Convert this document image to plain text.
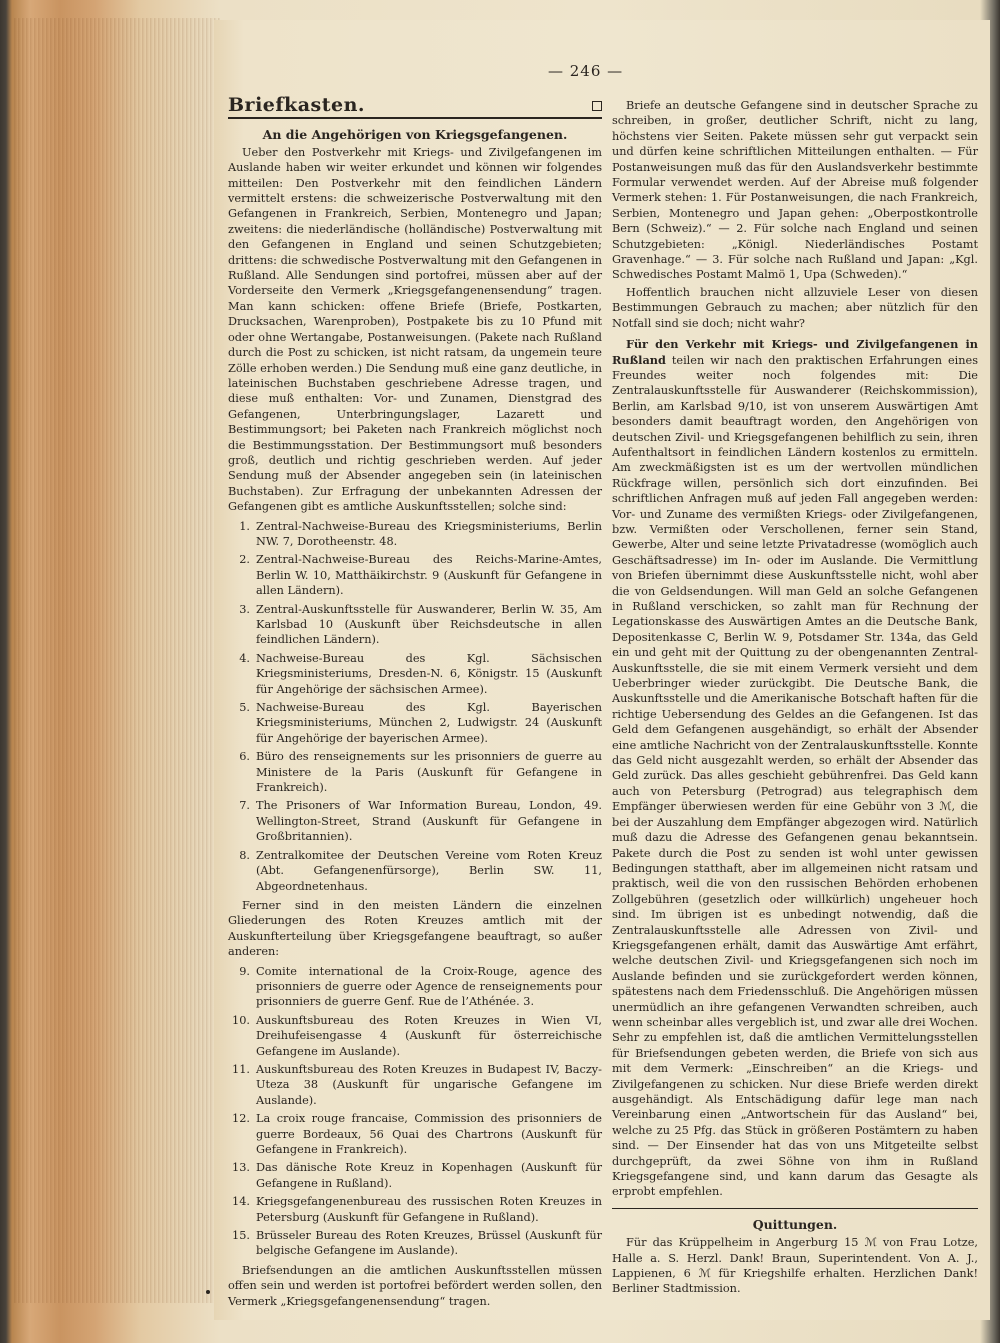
— 246 —
Briefkasten.
An die Angehörigen von Kriegsgefangenen.

Ueber den Postverkehr mit Kriegs- und Zivilgefangenen im Auslande haben wir weiter erkundet und können wir folgendes mitteilen: Den Postverkehr mit den feindlichen Ländern vermittelt erstens: die schweizerische Postverwaltung mit den Gefangenen in Frankreich, Serbien, Montenegro und Japan; zweitens: die niederländische (holländische) Postverwaltung mit den Gefangenen in England und seinen Schutzgebieten; drittens: die schwedische Postverwaltung mit den Gefangenen in Rußland. Alle Sendungen sind portofrei, müssen aber auf der Vorderseite den Vermerk „Kriegsgefangenensendung“ tragen. Man kann schicken: offene Briefe (Briefe, Postkarten, Drucksachen, Warenproben), Postpakete bis zu 10 Pfund mit oder ohne Wertangabe, Postanweisungen. (Pakete nach Rußland durch die Post zu schicken, ist nicht ratsam, da ungemein teure Zölle erhoben werden.) Die Sendung muß eine ganz deutliche, in lateinischen Buchstaben geschriebene Adresse tragen, und diese muß enthalten: Vor- und Zunamen, Dienstgrad des Gefangenen, Unterbringungslager, Lazarett und Bestimmungsort; bei Paketen nach Frankreich möglichst noch die Bestimmungsstation. Der Bestimmungsort muß besonders groß, deutlich und richtig geschrieben werden. Auf jeder Sendung muß der Absender angegeben sein (in lateinischen Buchstaben). Zur Erfragung der unbekannten Adressen der Gefangenen gibt es amtliche Auskunftsstellen; solche sind:

1. Zentral-Nachweise-Bureau des Kriegsministeriums, Berlin NW. 7, Dorotheenstr. 48.
2. Zentral-Nachweise-Bureau des Reichs-Marine-Amtes, Berlin W. 10, Matthäikirchstr. 9 (Auskunft für Gefangene in allen Ländern).
3. Zentral-Auskunftsstelle für Auswanderer, Berlin W. 35, Am Karlsbad 10 (Auskunft über Reichsdeutsche in allen feindlichen Ländern).
4. Nachweise-Bureau des Kgl. Sächsischen Kriegsministeriums, Dresden-N. 6, Königstr. 15 (Auskunft für Angehörige der sächsischen Armee).
5. Nachweise-Bureau des Kgl. Bayerischen Kriegsministeriums, München 2, Ludwigstr. 24 (Auskunft für Angehörige der bayerischen Armee).
6. Büro des renseignements sur les prisonniers de guerre au Ministere de la Paris (Auskunft für Gefangene in Frankreich).
7. The Prisoners of War Information Bureau, London, 49. Wellington-Street, Strand (Auskunft für Gefangene in Großbritannien).
8. Zentralkomitee der Deutschen Vereine vom Roten Kreuz (Abt. Gefangenenfürsorge), Berlin SW. 11, Abgeordnetenhaus.

Ferner sind in den meisten Ländern die einzelnen Gliederungen des Roten Kreuzes amtlich mit der Auskunfterteilung über Kriegsgefangene beauftragt, so außer anderen:

9. Comite international de la Croix-Rouge, agence des prisonniers de guerre oder Agence de renseignements pour prisonniers de guerre Genf. Rue de l’Athénée. 3.
10. Auskunftsbureau des Roten Kreuzes in Wien VI, Dreihufeisengasse 4 (Auskunft für österreichische Gefangene im Auslande).
11. Auskunftsbureau des Roten Kreuzes in Budapest IV, Baczy-Uteza 38 (Auskunft für ungarische Gefangene im Auslande).
12. La croix rouge francaise, Commission des prisonniers de guerre Bordeaux, 56 Quai des Chartrons (Auskunft für Gefangene in Frankreich).
13. Das dänische Rote Kreuz in Kopenhagen (Auskunft für Gefangene in Rußland).
14. Kriegsgefangenenbureau des russischen Roten Kreuzes in Petersburg (Auskunft für Gefangene in Rußland).
15. Brüsseler Bureau des Roten Kreuzes, Brüssel (Auskunft für belgische Gefangene im Auslande).

Briefsendungen an die amtlichen Auskunftsstellen müssen offen sein und werden ist portofrei befördert werden sollen, den Vermerk „Kriegsgefangenensendung“ tragen.

Briefe an deutsche Gefangene sind in deutscher Sprache zu schreiben, in großer, deutlicher Schrift, nicht zu lang, höchstens vier Seiten. Pakete müssen sehr gut verpackt sein und dürfen keine schriftlichen Mitteilungen enthalten. — Für Postanweisungen muß das für den Auslandsverkehr bestimmte Formular verwendet werden. Auf der Abreise muß folgender Vermerk stehen: 1. Für Postanweisungen, die nach Frankreich, Serbien, Montenegro und Japan gehen: „Oberpostkontrolle Bern (Schweiz).“ — 2. Für solche nach England und seinen Schutzgebieten: „Königl. Niederländisches Postamt Gravenhage.“ — 3. Für solche nach Rußland und Japan: „Kgl. Schwedisches Postamt Malmö 1, Upa (Schweden).“

Hoffentlich brauchen nicht allzuviele Leser von diesen Bestimmungen Gebrauch zu machen; aber nützlich für den Notfall sind sie doch; nicht wahr?

Für den Verkehr mit Kriegs- und Zivilgefangenen in Rußland teilen wir nach den praktischen Erfahrungen eines Freundes weiter noch folgendes mit: Die Zentralauskunftsstelle für Auswanderer (Reichskommission), Berlin, am Karlsbad 9/10, ist von unserem Auswärtigen Amt besonders damit beauftragt worden, den Angehörigen von deutschen Zivil- und Kriegsgefangenen behilflich zu sein, ihren Aufenthaltsort in feindlichen Ländern kostenlos zu ermitteln. Am zweckmäßigsten ist es um der wertvollen mündlichen Rückfrage willen, persönlich sich dort einzufinden. Bei schriftlichen Anfragen muß auf jeden Fall angegeben werden: Vor- und Zuname des vermißten Kriegs- oder Zivilgefangenen, bzw. Vermißten oder Verschollenen, ferner sein Stand, Gewerbe, Alter und seine letzte Privatadresse (womöglich auch Geschäftsadresse) im In- oder im Auslande. Die Vermittlung von Briefen übernimmt diese Auskunftsstelle nicht, wohl aber die von Geldsendungen. Will man Geld an solche Gefangenen in Rußland verschicken, so zahlt man für Rechnung der Legationskasse des Auswärtigen Amtes an die Deutsche Bank, Depositenkasse C, Berlin W. 9, Potsdamer Str. 134a, das Geld ein und geht mit der Quittung zu der obengenannten Zentral-Auskunftsstelle, die sie mit einem Vermerk versieht und dem Ueberbringer wieder zurückgibt. Die Deutsche Bank, die Auskunftsstelle und die Amerikanische Botschaft haften für die richtige Uebersendung des Geldes an die Gefangenen. Ist das Geld dem Gefangenen ausgehändigt, so erhält der Absender eine amtliche Nachricht von der Zentralauskunftsstelle. Konnte das Geld nicht ausgezahlt werden, so erhält der Absender das Geld zurück. Das alles geschieht gebührenfrei. Das Geld kann auch von Petersburg (Petrograd) aus telegraphisch dem Empfänger überwiesen werden für eine Gebühr von 3 ℳ, die bei der Auszahlung dem Empfänger abgezogen wird. Natürlich muß dazu die Adresse des Gefangenen genau bekanntsein. Pakete durch die Post zu senden ist wohl unter gewissen Bedingungen statthaft, aber im allgemeinen nicht ratsam und praktisch, weil die von den russischen Behörden erhobenen Zollgebühren (gesetzlich oder willkürlich) ungeheuer hoch sind. Im übrigen ist es unbedingt notwendig, daß die Zentralauskunftsstelle alle Adressen von Zivil- und Kriegsgefangenen erhält, damit das Auswärtige Amt erfährt, welche deutschen Zivil- und Kriegsgefangenen sich noch im Auslande befinden und sie zurückgefordert werden können, spätestens nach dem Friedensschluß. Die Angehörigen müssen unermüdlich an ihre gefangenen Verwandten schreiben, auch wenn scheinbar alles vergeblich ist, und zwar alle drei Wochen. Sehr zu empfehlen ist, daß die amtlichen Vermittelungsstellen für Briefsendungen gebeten werden, die Briefe von sich aus mit dem Vermerk: „Einschreiben“ an die Kriegs- und Zivilgefangenen zu schicken. Nur diese Briefe werden direkt ausgehändigt. Als Entschädigung dafür lege man nach Vereinbarung einen „Antwortschein für das Ausland“ bei, welche zu 25 Pfg. das Stück in größeren Postämtern zu haben sind. — Der Einsender hat das von uns Mitgeteilte selbst durchgeprüft, da zwei Söhne von ihm in Rußland Kriegsgefangene sind, und kann darum das Gesagte als erprobt empfehlen.

Quittungen.

Für das Krüppelheim in Angerburg 15 ℳ von Frau Lotze, Halle a. S. Herzl. Dank! Braun, Superintendent. Von A. J., Lappienen, 6 ℳ für Kriegshilfe erhalten. Herzlichen Dank! Berliner Stadtmission.
